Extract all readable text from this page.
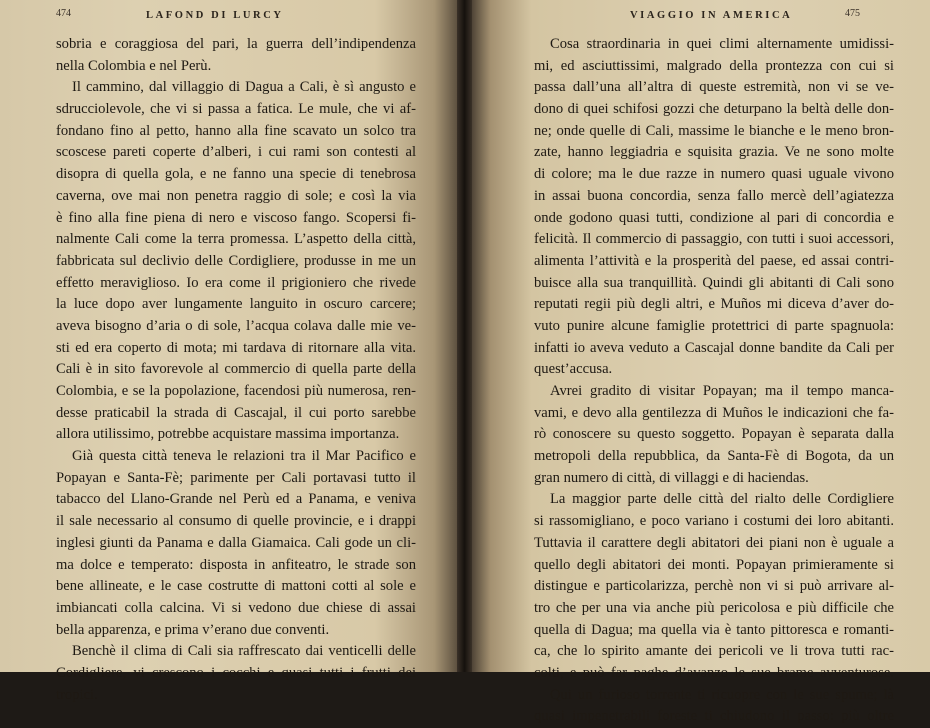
474	LAFOND DI LURCY
sobria e coraggiosa del pari, la guerra dell’indipendenza
nella Colombia e nel Perù.
Il cammino, dal villaggio di Dagua a Cali, è sì angusto e
sdrucciolevole, che vi si passa a fatica. Le mule, che vi af-
fondano fino al petto, hanno alla fine scavato un solco tra
scoscese pareti coperte d’alberi, i cui rami son contesti al
disopra di quella gola, e ne fanno una specie di tenebrosa
caverna, ove mai non penetra raggio di sole; e così la via
è fino alla fine piena di nero e viscoso fango. Scopersi fi-
nalmente Cali come la terra promessa. L’aspetto della città,
fabbricata sul declivio delle Cordigliere, produsse in me un
effetto meraviglioso. Io era come il prigioniero che rivede
la luce dopo aver lungamente languito in oscuro carcere;
aveva bisogno d’aria o di sole, l’acqua colava dalle mie ve-
sti ed era coperto di mota; mi tardava di ritornare alla vita.
Cali è in sito favorevole al commercio di quella parte della
Colombia, e se la popolazione, facendosi più numerosa, ren-
desse praticabil la strada di Cascajal, il cui porto sarebbe
allora utilissimo, potrebbe acquistare massima importanza.
Già questa città teneva le relazioni tra il Mar Pacifico e
Popayan e Santa-Fè; parimente per Cali portavasi tutto il
tabacco del Llano-Grande nel Perù ed a Panama, e veniva
il sale necessario al consumo di quelle provincie, e i drappi
inglesi giunti da Panama e dalla Giamaica. Cali gode un cli-
ma dolce e temperato: disposta in anfiteatro, le strade son
bene allineate, e le case costrutte di mattoni cotti al sole e
imbiancati colla calcina. Vi si vedono due chiese di assai
bella apparenza, e prima v’erano due conventi.
Benchè il clima di Cali sia raffrescato dai venticelli delle
Cordigliere, vi crescono i cocchi e quasi tutti i frutti dei
tropici.
VIAGGIO IN AMERICA	475
Cosa straordinaria in quei climi alternamente umidissi-
mi, ed asciuttissimi, malgrado della prontezza con cui si
passa dall’una all’altra di queste estremità, non vi se ve-
dono di quei schifosi gozzi che deturpano la beltà delle don-
ne; onde quelle di Cali, massime le bianche e le meno bron-
zate, hanno leggiadria e squisita grazia. Ve ne sono molte
di colore; ma le due razze in numero quasi uguale vivono
in assai buona concordia, senza fallo mercè dell’agiatezza
onde godono quasi tutti, condizione al pari di concordia e
felicità. Il commercio di passaggio, con tutti i suoi accessori,
alimenta l’attività e la prosperità del paese, ed assai contri-
buisce alla sua tranquillità. Quindi gli abitanti di Cali sono
reputati regii più degli altri, e Muños mi diceva d’aver do-
vuto punire alcune famiglie protettrici di parte spagnuola:
infatti io aveva veduto a Cascajal donne bandite da Cali per
quest’accusa.
Avrei gradito di visitar Popayan; ma il tempo manca-
vami, e devo alla gentilezza di Muños le indicazioni che fa-
rò conoscere su questo soggetto. Popayan è separata dalla
metropoli della repubblica, da Santa-Fè di Bogota, da un
gran numero di città, di villaggi e di haciendas.
La maggior parte delle città del rialto delle Cordigliere
si rassomigliano, e poco variano i costumi dei loro abitanti.
Tuttavia il carattere degli abitatori dei piani non è uguale a
quello degli abitatori dei monti. Popayan primieramente si
distingue e particolarizza, perchè non vi si può arrivare al-
tro che per una via anche più pericolosa e più difficile che
quella di Dagua; ma quella via è tanto pittoresca e romanti-
ca, che lo spirito amante dei pericoli ve li trova tutti rac-
colti, e può far paghe d’avanzo le sue brame avventurose.
Qui un furioso torrente ti ricuopre con le sue spume; là
quasi impenetrabili foreste ti chiudono il passo: più oltre
